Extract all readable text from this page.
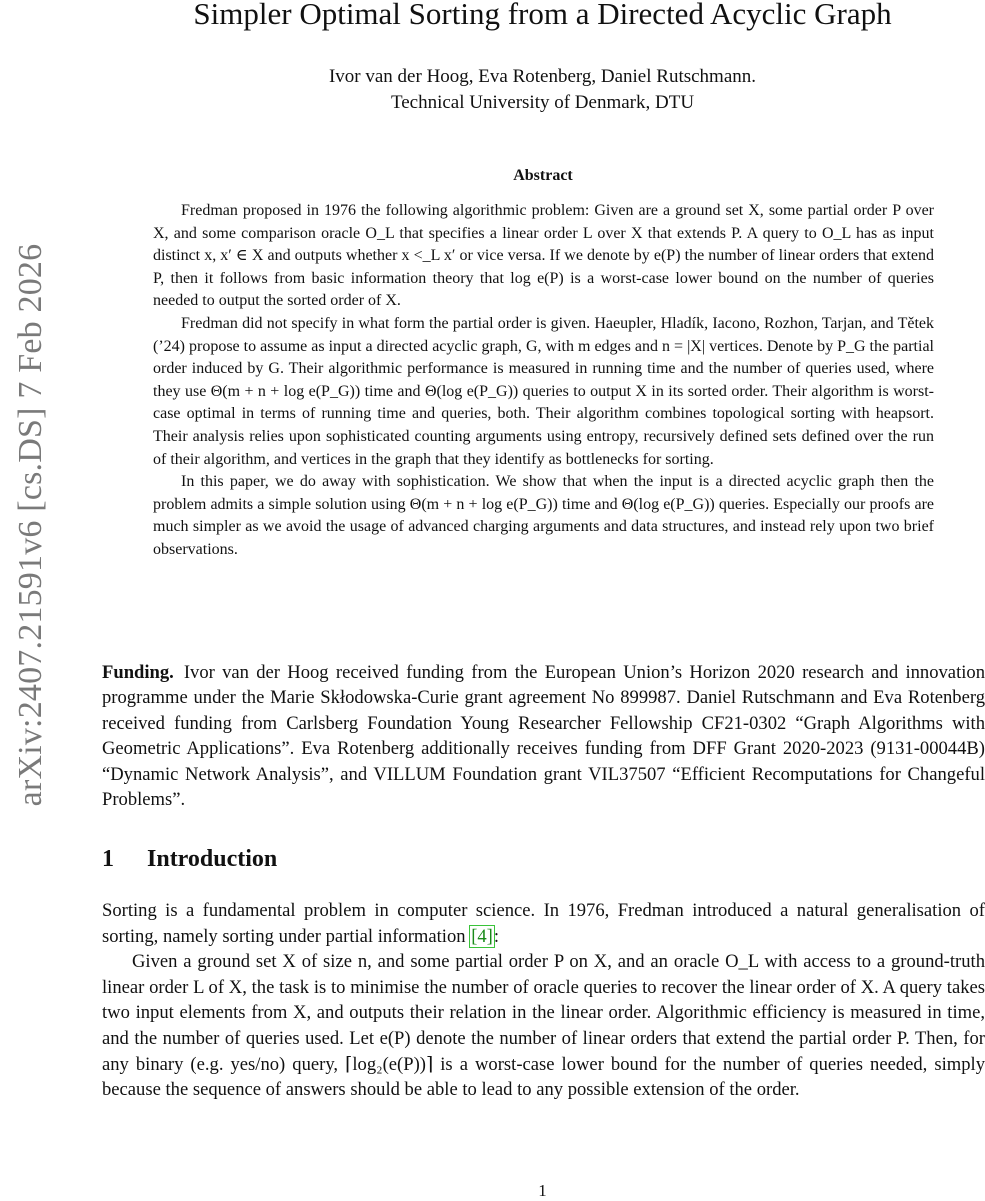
arXiv:2407.21591v6 [cs.DS] 7 Feb 2026
Simpler Optimal Sorting from a Directed Acyclic Graph
Ivor van der Hoog, Eva Rotenberg, Daniel Rutschmann.
Technical University of Denmark, DTU
Abstract

Fredman proposed in 1976 the following algorithmic problem: Given are a ground set X, some partial order P over X, and some comparison oracle O_L that specifies a linear order L over X that extends P. A query to O_L has as input distinct x, x′ ∈ X and outputs whether x <_L x′ or vice versa. If we denote by e(P) the number of linear orders that extend P, then it follows from basic information theory that log e(P) is a worst-case lower bound on the number of queries needed to output the sorted order of X.

Fredman did not specify in what form the partial order is given. Haeupler, Hladík, Iacono, Rozhon, Tarjan, and Tětek (’24) propose to assume as input a directed acyclic graph, G, with m edges and n = |X| vertices. Denote by P_G the partial order induced by G. Their algorithmic performance is measured in running time and the number of queries used, where they use Θ(m + n + log e(P_G)) time and Θ(log e(P_G)) queries to output X in its sorted order. Their algorithm is worst-case optimal in terms of running time and queries, both. Their algorithm combines topological sorting with heapsort. Their analysis relies upon sophisticated counting arguments using entropy, recursively defined sets defined over the run of their algorithm, and vertices in the graph that they identify as bottlenecks for sorting.

In this paper, we do away with sophistication. We show that when the input is a directed acyclic graph then the problem admits a simple solution using Θ(m + n + log e(P_G)) time and Θ(log e(P_G)) queries. Especially our proofs are much simpler as we avoid the usage of advanced charging arguments and data structures, and instead rely upon two brief observations.

Funding. Ivor van der Hoog received funding from the European Union’s Horizon 2020 research and innovation programme under the Marie Skłodowska-Curie grant agreement No 899987. Daniel Rutschmann and Eva Rotenberg received funding from Carlsberg Foundation Young Researcher Fellowship CF21-0302 “Graph Algorithms with Geometric Applications”. Eva Rotenberg additionally receives funding from DFF Grant 2020-2023 (9131-00044B) “Dynamic Network Analysis”, and VILLUM Foundation grant VIL37507 “Efficient Recomputations for Changeful Problems”.
1 Introduction

Sorting is a fundamental problem in computer science. In 1976, Fredman introduced a natural generalisation of sorting, namely sorting under partial information [4]:

Given a ground set X of size n, and some partial order P on X, and an oracle O_L with access to a ground-truth linear order L of X, the task is to minimise the number of oracle queries to recover the linear order of X. A query takes two input elements from X, and outputs their relation in the linear order. Algorithmic efficiency is measured in time, and the number of queries used. Let e(P) denote the number of linear orders that extend the partial order P. Then, for any binary (e.g. yes/no) query, ⌈log₂(e(P))⌉ is a worst-case lower bound for the number of queries needed, simply because the sequence of answers should be able to lead to any possible extension of the order.

1
